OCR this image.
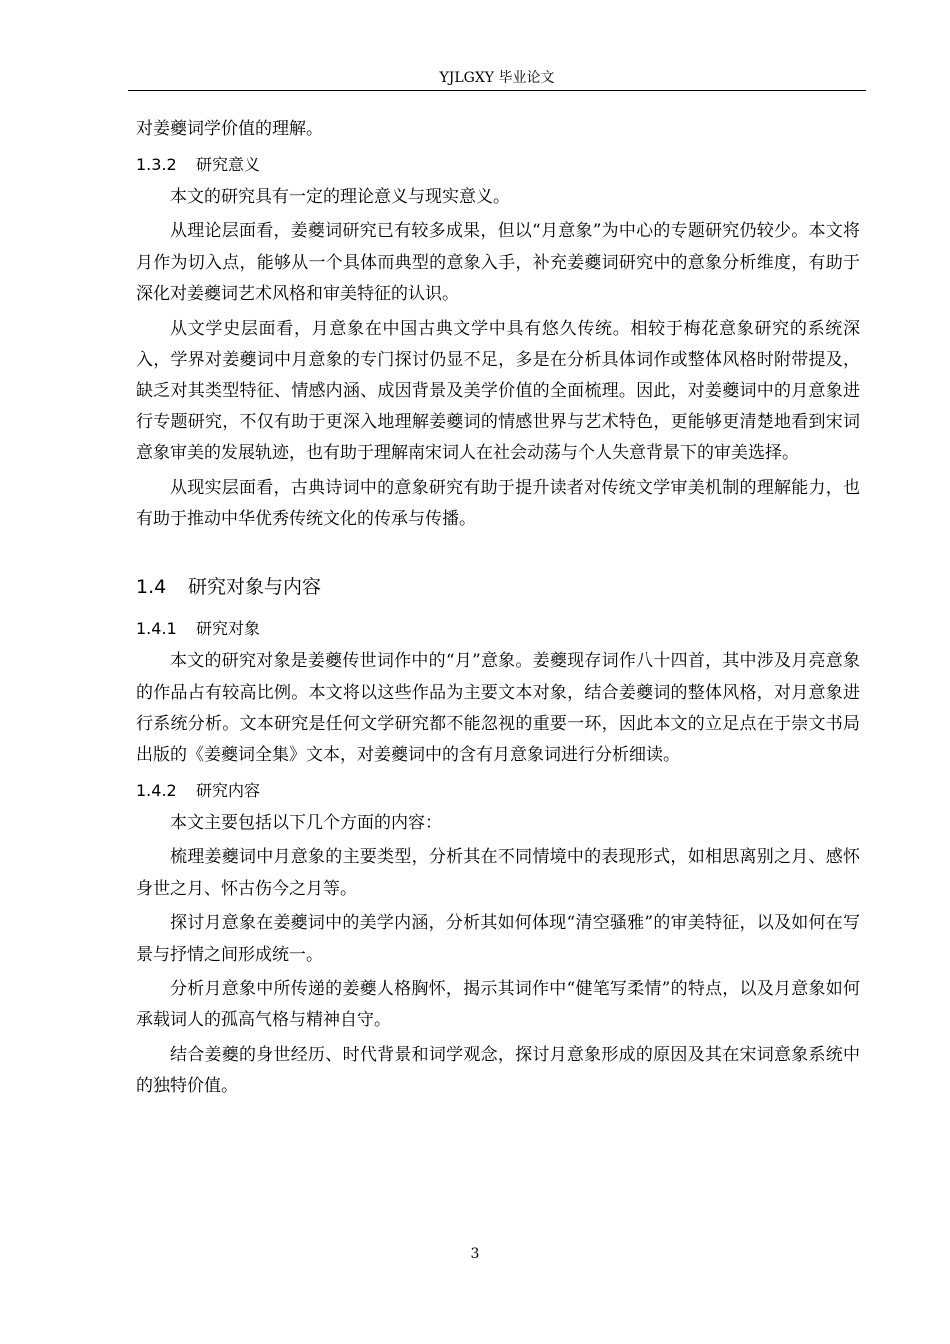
YJLGXY 毕业论文

对姜夔词学价值的理解。

1.3.2 研究意义

本文的研究具有一定的理论意义与现实意义。

从理论层面看，姜夔词研究已有较多成果，但以“月意象”为中心的专题研究仍较少。本文将月作为切入点，能够从一个具体而典型的意象入手，补充姜夔词研究中的意象分析维度，有助于深化对姜夔词艺术风格和审美特征的认识。

从文学史层面看，月意象在中国古典文学中具有悠久传统。相较于梅花意象研究的系统深入，学界对姜夔词中月意象的专门探讨仍显不足，多是在分析具体词作或整体风格时附带提及，缺乏对其类型特征、情感内涵、成因背景及美学价值的全面梳理。因此，对姜夔词中的月意象进行专题研究，不仅有助于更深入地理解姜夔词的情感世界与艺术特色，更能够更清楚地看到宋词意象审美的发展轨迹，也有助于理解南宋词人在社会动荡与个人失意背景下的审美选择。

从现实层面看，古典诗词中的意象研究有助于提升读者对传统文学审美机制的理解能力，也有助于推动中华优秀传统文化的传承与传播。

1.4 研究对象与内容
1.4.1 研究对象

本文的研究对象是姜夔传世词作中的“月”意象。姜夔现存词作八十四首，其中涉及月亮意象的作品占有较高比例。本文将以这些作品为主要文本对象，结合姜夔词的整体风格，对月意象进行系统分析。文本研究是任何文学研究都不能忽视的重要一环，因此本文的立足点在于崇文书局出版的《姜夔词全集》文本，对姜夔词中的含有月意象词进行分析细读。

1.4.2 研究内容

本文主要包括以下几个方面的内容：

梳理姜夔词中月意象的主要类型，分析其在不同情境中的表现形式，如相思离别之月、感怀身世之月、怀古伤今之月等。

探讨月意象在姜夔词中的美学内涵，分析其如何体现“清空骚雅”的审美特征，以及如何在写景与抒情之间形成统一。

分析月意象中所传递的姜夔人格胸怀，揭示其词作中“健笔写柔情”的特点，以及月意象如何承载词人的孤高气格与精神自守。

结合姜夔的身世经历、时代背景和词学观念，探讨月意象形成的原因及其在宋词意象系统中的独特价值。

3
